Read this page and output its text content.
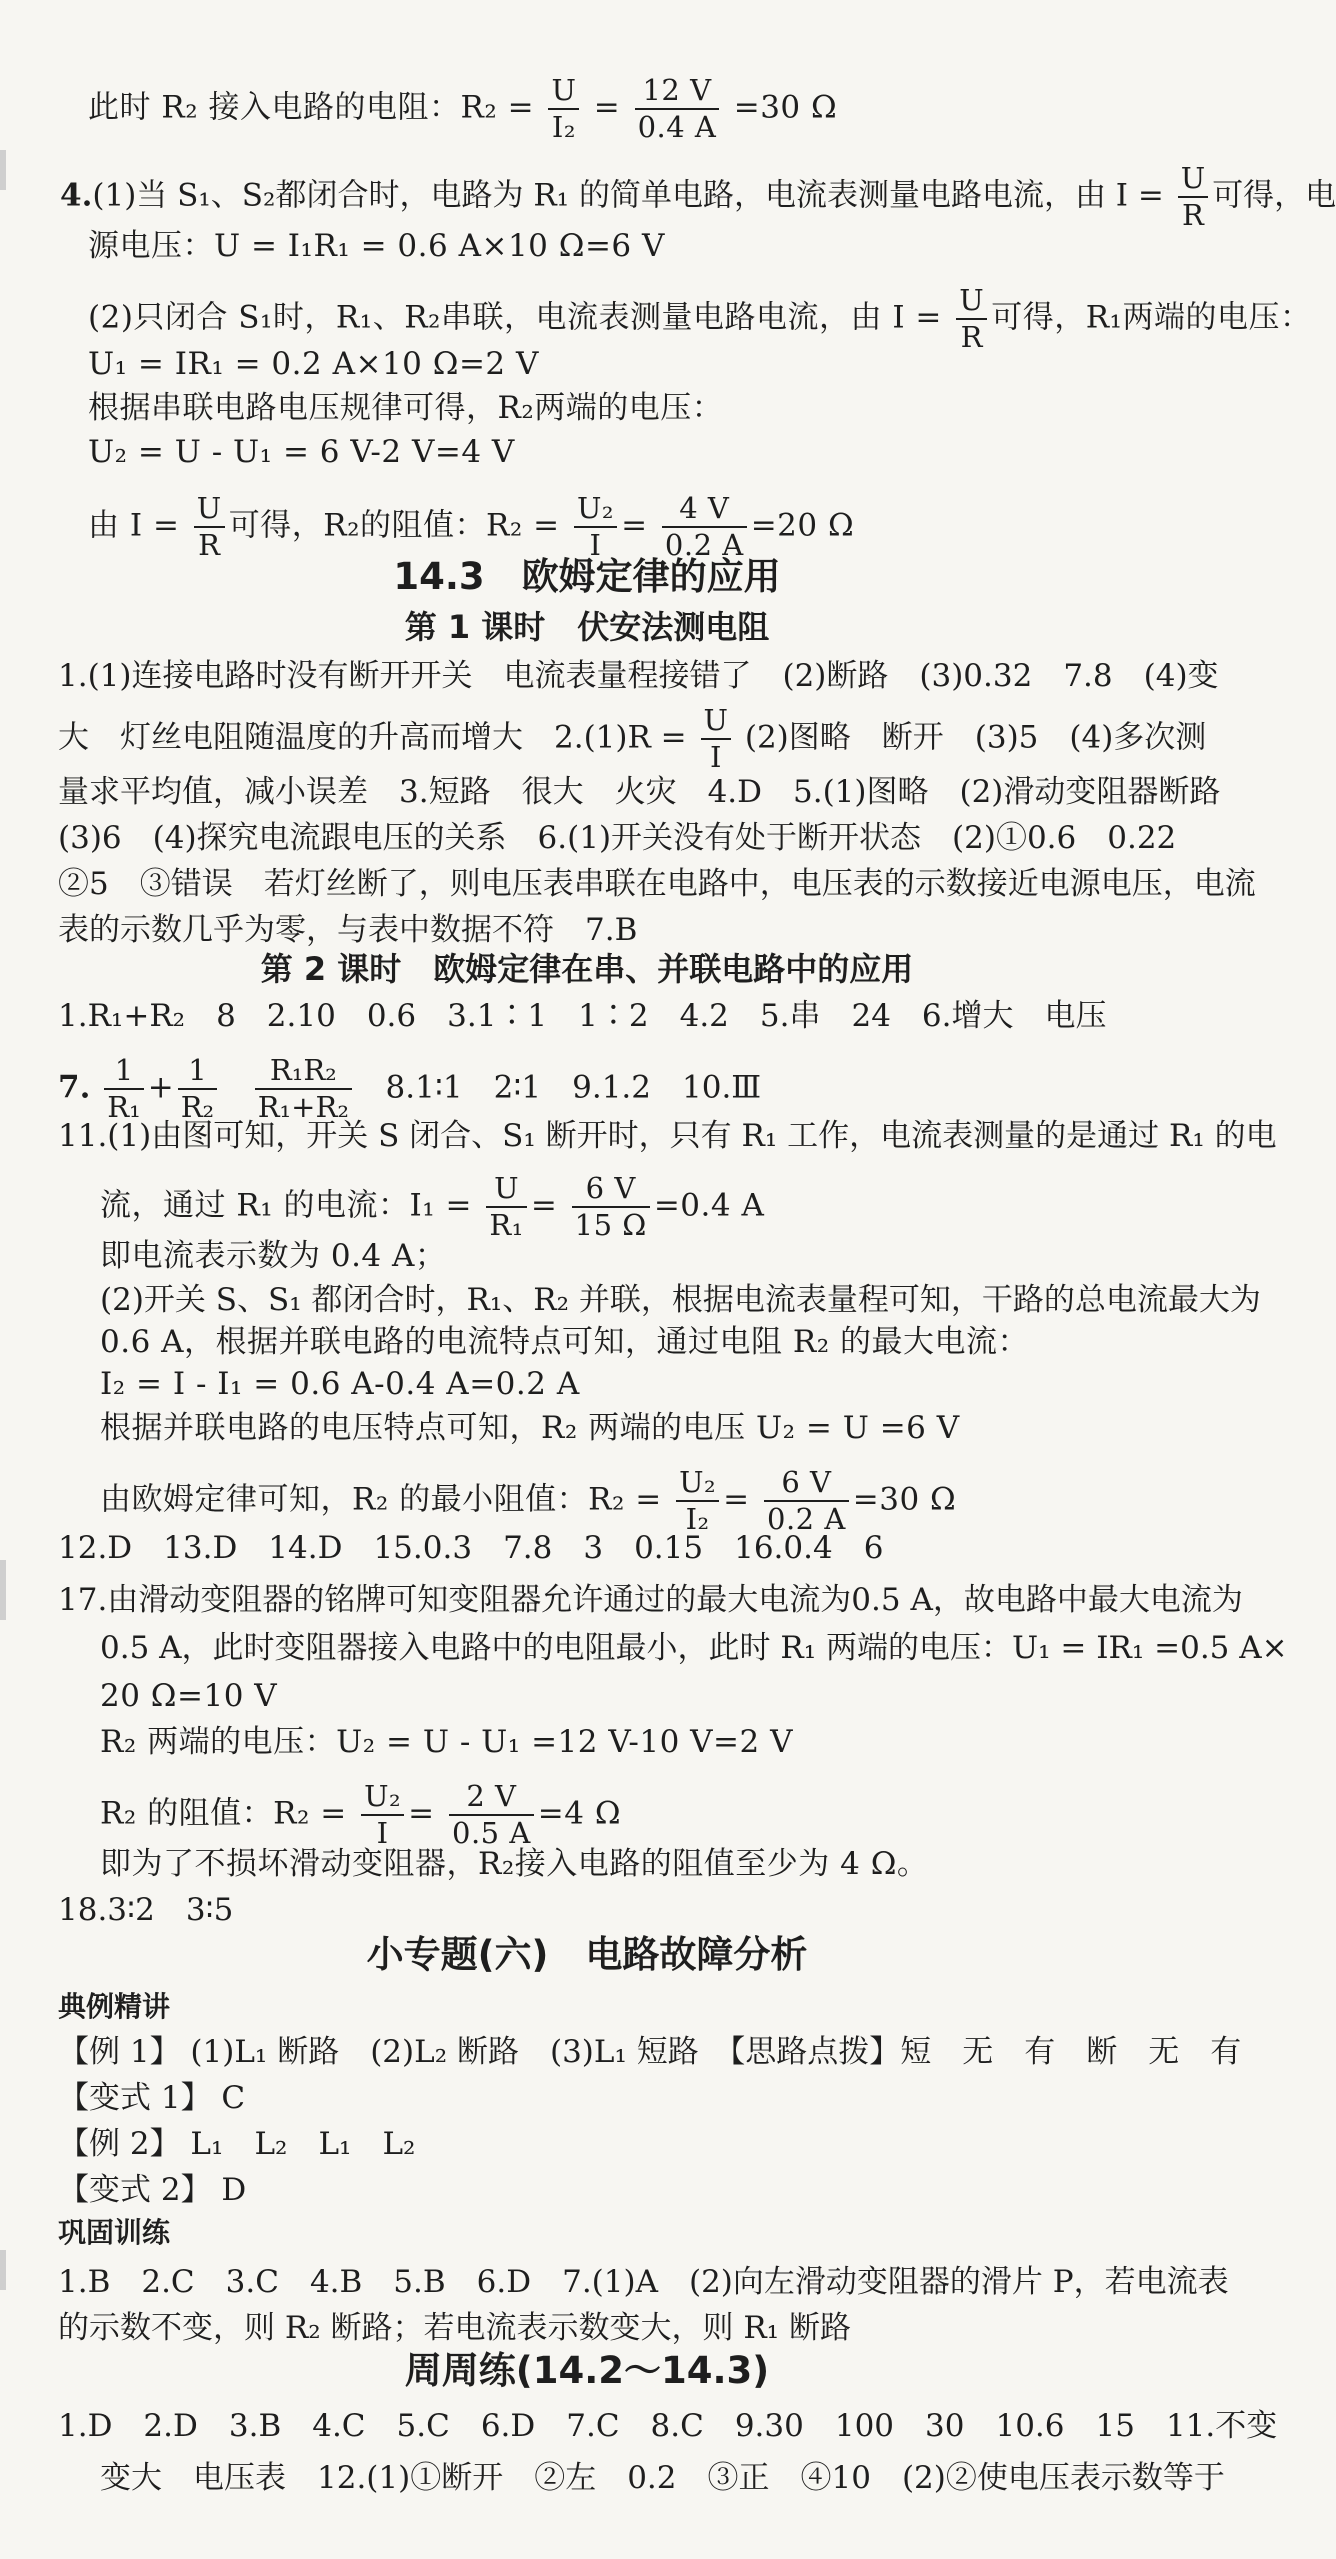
此时 R₂ 接入电路的电阻：$R_2 = \frac{U}{\text{I₂}} = \frac{12 V}{0.4 A} =30$ Ω
4.(1)当 S₁、S₂都闭合时，电路为 R₁ 的简单电路，电流表测量电路电流，由 $I = \frac{U}{R}$ 可得，电
源电压：U = I₁R₁ = 0.6 A×10 Ω=6 V
(2)只闭合 S₁时，R₁、R₂串联，电流表测量电路电流，由 $I = \frac{U}{R}$ 可得，R₁两端的电压：
U₁ = IR₁ = 0.2 A×10 Ω=2 V
根据串联电路电压规律可得，R₂两端的电压：
U₂ = U - U₁ = 6 V-2 V=4 V
由 $I = \frac{U}{R}$ 可得，R₂的阻值：$R_2 = \frac{\text{U₂}}{I} = \frac{4 V}{0.2 A} =20$ Ω
14.3　欧姆定律的应用
第 1 课时　伏安法测电阻
1.(1)连接电路时没有断开开关　电流表量程接错了　(2)断路　(3)0.32　7.8　(4)变
大　灯丝电阻随温度的升高而增大　$2.(1)R = \frac{U}{I} (2)$图略　断开　(3)5　(4)多次测
量求平均值，减小误差　3.短路　很大　火灾　4.D　5.(1)图略　(2)滑动变阻器断路
(3)6　(4)探究电流跟电压的关系　6.(1)开关没有处于断开状态　(2)①0.6　0.22
②5　③错误　若灯丝断了，则电压表串联在电路中，电压表的示数接近电源电压，电流
表的示数几乎为零，与表中数据不符　7.B
第 2 课时　欧姆定律在串、并联电路中的应用
1.R₁+R₂　8　2.10　0.6　3.1∶1　1∶2　4.2　5.串　24　6.增大　电压
7. $\frac{1}{\text{R₁}} + \frac{1}{\text{R₂}}$
$\frac{\text{R₁R₂}}{\text{R₁+R₂}}$ 8.1∶1　2∶1　9.1.2　10.Ⅲ
11.(1)由图可知，开关 S 闭合、S₁ 断开时，只有 R₁ 工作，电流表测量的是通过 R₁ 的电
流，通过 R₁ 的电流：$I_1 = \frac{U}{\text{R₁}} = \frac{6 V}{15 \Omega} =0.4$ A
即电流表示数为 0.4 A；
(2)开关 S、S₁ 都闭合时，R₁、R₂ 并联，根据电流表量程可知，干路的总电流最大为
0.6 A，根据并联电路的电流特点可知，通过电阻 R₂ 的最大电流：
I₂ = I - I₁ = 0.6 A-0.4 A=0.2 A
根据并联电路的电压特点可知，R₂ 两端的电压 U₂ = U =6 V
由欧姆定律可知，R₂ 的最小阻值：$R_2 = \frac{\text{U₂}}{\text{I₂}} = \frac{6 V}{0.2 A} =30$ Ω
12.D　13.D　14.D　15.0.3　7.8　3　0.15　16.0.4　6
17.由滑动变阻器的铭牌可知变阻器允许通过的最大电流为0.5 A，故电路中最大电流为
0.5 A，此时变阻器接入电路中的电阻最小，此时 R₁ 两端的电压：U₁ = IR₁ =0.5 A×
20 Ω=10 V
R₂ 两端的电压：U₂ = U - U₁ =12 V-10 V=2 V
R₂ 的阻值：$R_2 = \frac{\text{U₂}}{I} = \frac{2 V}{0.5 A} =4$ Ω
即为了不损坏滑动变阻器，R₂接入电路的阻值至少为 4 Ω。
18.3∶2　3∶5
小专题(六)　电路故障分析
典例精讲
【例 1】 (1)L₁ 断路　(2)L₂ 断路　(3)L₁ 短路　【思路点拨】短　无　有　断　无　有
【变式 1】 C
【例 2】 L₁　L₂　L₁　L₂
【变式 2】 D
巩固训练
1.B　2.C　3.C　4.B　5.B　6.D　7.(1)A　(2)向左滑动变阻器的滑片 P，若电流表
的示数不变，则 R₂ 断路；若电流表示数变大，则 R₁ 断路
周周练(14.2～14.3)
1.D　2.D　3.B　4.C　5.C　6.D　7.C　8.C　9.30　100　30　10.6　15　11.不变
变大　电压表　12.(1)①断开　②左　0.2　③正　④10　(2)②使电压表示数等于
